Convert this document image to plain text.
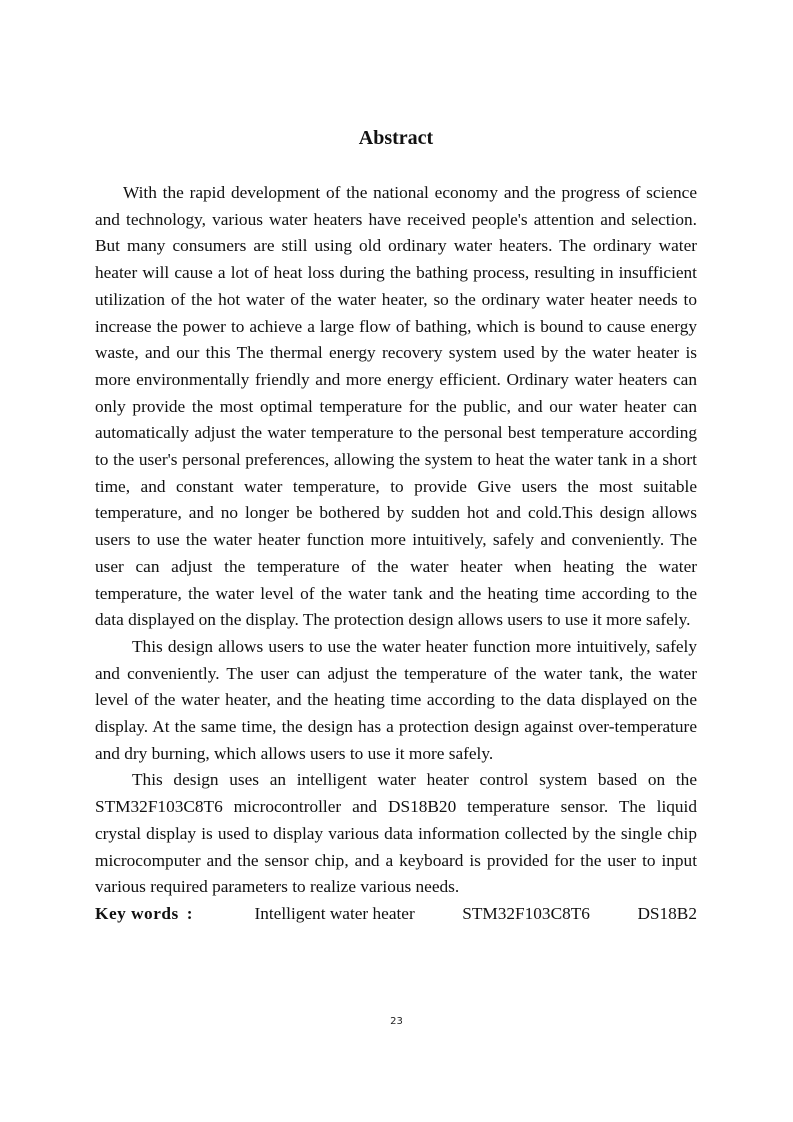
Abstract

With the rapid development of the national economy and the progress of science and technology, various water heaters have received people's attention and selection. But many consumers are still using old ordinary water heaters. The ordinary water heater will cause a lot of heat loss during the bathing process, resulting in insufficient utilization of the hot water of the water heater, so the ordinary water heater needs to increase the power to achieve a large flow of bathing, which is bound to cause energy waste, and our this The thermal energy recovery system used by the water heater is more environmentally friendly and more energy efficient. Ordinary water heaters can only provide the most optimal temperature for the public, and our water heater can automatically adjust the water temperature to the personal best temperature according to the user's personal preferences, allowing the system to heat the water tank in a short time, and constant water temperature, to provide Give users the most suitable temperature, and no longer be bothered by sudden hot and cold.This design allows users to use the water heater function more intuitively, safely and conveniently. The user can adjust the temperature of the water heater when heating the water temperature, the water level of the water tank and the heating time according to the data displayed on the display. The protection design allows users to use it more safely.

This design allows users to use the water heater function more intuitively, safely and conveniently. The user can adjust the temperature of the water tank, the water level of the water heater, and the heating time according to the data displayed on the display. At the same time, the design has a protection design against over-temperature and dry burning, which allows users to use it more safely.

This design uses an intelligent water heater control system based on the STM32F103C8T6 microcontroller and DS18B20 temperature sensor. The liquid crystal display is used to display various data information collected by the single chip microcomputer and the sensor chip, and a keyboard is provided for the user to input various required parameters to realize various needs.

Key words :	Intelligent water heater	STM32F103C8T6	DS18B2
23
